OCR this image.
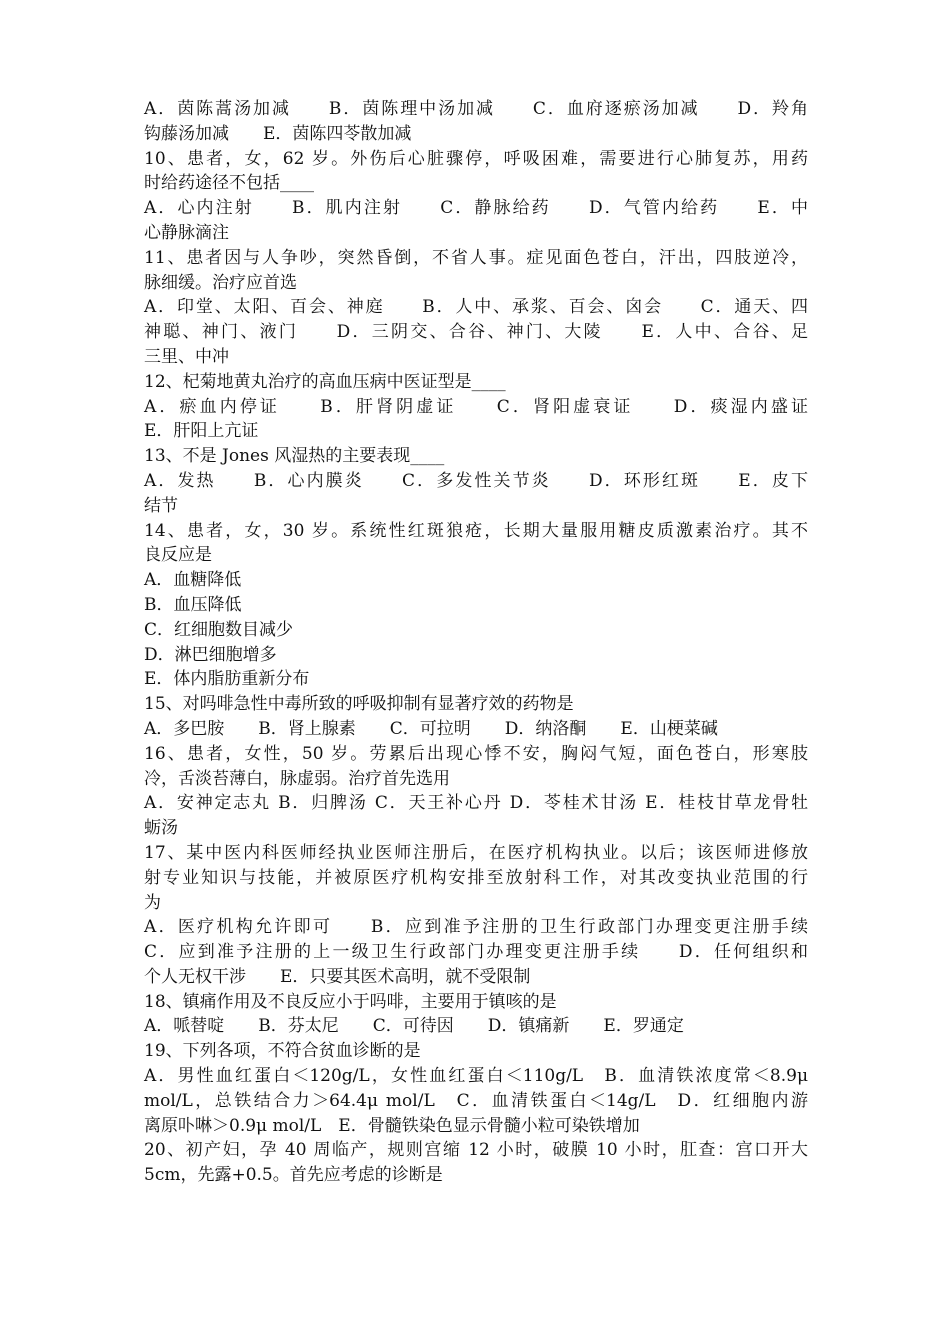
A．茵陈蒿汤加减　　B．茵陈理中汤加减　　C．血府逐瘀汤加减　　D．羚角
钩藤汤加减　　E．茵陈四苓散加减
10、患者，女，62 岁。外伤后心脏骤停，呼吸困难，需要进行心肺复苏，用药
时给药途径不包括____
A．心内注射　　B．肌内注射　　C．静脉给药　　D．气管内给药　　E．中
心静脉滴注
11、患者因与人争吵，突然昏倒，不省人事。症见面色苍白，汗出，四肢逆冷，
脉细缓。治疗应首选
A．印堂、太阳、百会、神庭　　B．人中、承浆、百会、囟会　　C．通天、四
神聪、神门、液门　　D．三阴交、合谷、神门、大陵　　E．人中、合谷、足
三里、中冲
12、杞菊地黄丸治疗的高血压病中医证型是____
A．瘀血内停证　　B．肝肾阴虚证　　C．肾阳虚衰证　　D．痰湿内盛证
E．肝阳上亢证
13、不是 Jones 风湿热的主要表现____
A．发热　　B．心内膜炎　　C．多发性关节炎　　D．环形红斑　　E．皮下
结节
14、患者，女，30 岁。系统性红斑狼疮，长期大量服用糖皮质激素治疗。其不
良反应是
A．血糖降低
B．血压降低
C．红细胞数目减少
D．淋巴细胞增多
E．体内脂肪重新分布
15、对吗啡急性中毒所致的呼吸抑制有显著疗效的药物是
A．多巴胺　　B．肾上腺素　　C．可拉明　　D．纳洛酮　　E．山梗菜碱
16、患者，女性，50 岁。劳累后出现心悸不安，胸闷气短，面色苍白，形寒肢
冷，舌淡苔薄白，脉虚弱。治疗首先选用
A．安神定志丸 B．归脾汤 C．天王补心丹 D．苓桂术甘汤 E．桂枝甘草龙骨牡
蛎汤
17、某中医内科医师经执业医师注册后，在医疗机构执业。以后；该医师进修放
射专业知识与技能，并被原医疗机构安排至放射科工作，对其改变执业范围的行
为
A．医疗机构允许即可　　B．应到准予注册的卫生行政部门办理变更注册手续
C．应到准予注册的上一级卫生行政部门办理变更注册手续　　D．任何组织和
个人无权干涉　　E．只要其医术高明，就不受限制
18、镇痛作用及不良反应小于吗啡，主要用于镇咳的是
A．哌替啶　　B．芬太尼　　C．可待因　　D．镇痛新　　E．罗通定
19、下列各项，不符合贫血诊断的是
A．男性血红蛋白＜120g/L，女性血红蛋白＜110g/L　B．血清铁浓度常＜8.9μ
mol/L，总铁结合力＞64.4μ mol/L　C．血清铁蛋白＜14g/L　D．红细胞内游
离原卟啉＞0.9μ mol/L　E．骨髓铁染色显示骨髓小粒可染铁增加
20、初产妇，孕 40 周临产，规则宫缩 12 小时，破膜 10 小时，肛查：宫口开大
5cm，先露+0.5。首先应考虑的诊断是
